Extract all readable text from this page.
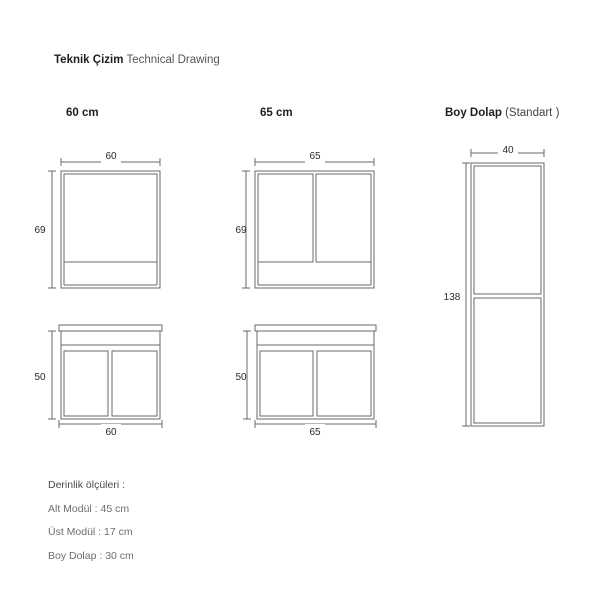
Teknik Çizim Technical Drawing
60 cm	65 cm	Boy Dolap (Standart )
60
69
50
60
65
69
50
65
40
138
Derinlik ölçüleri :
Alt Modül : 45 cm
Üst Modül : 17 cm
Boy Dolap : 30 cm
